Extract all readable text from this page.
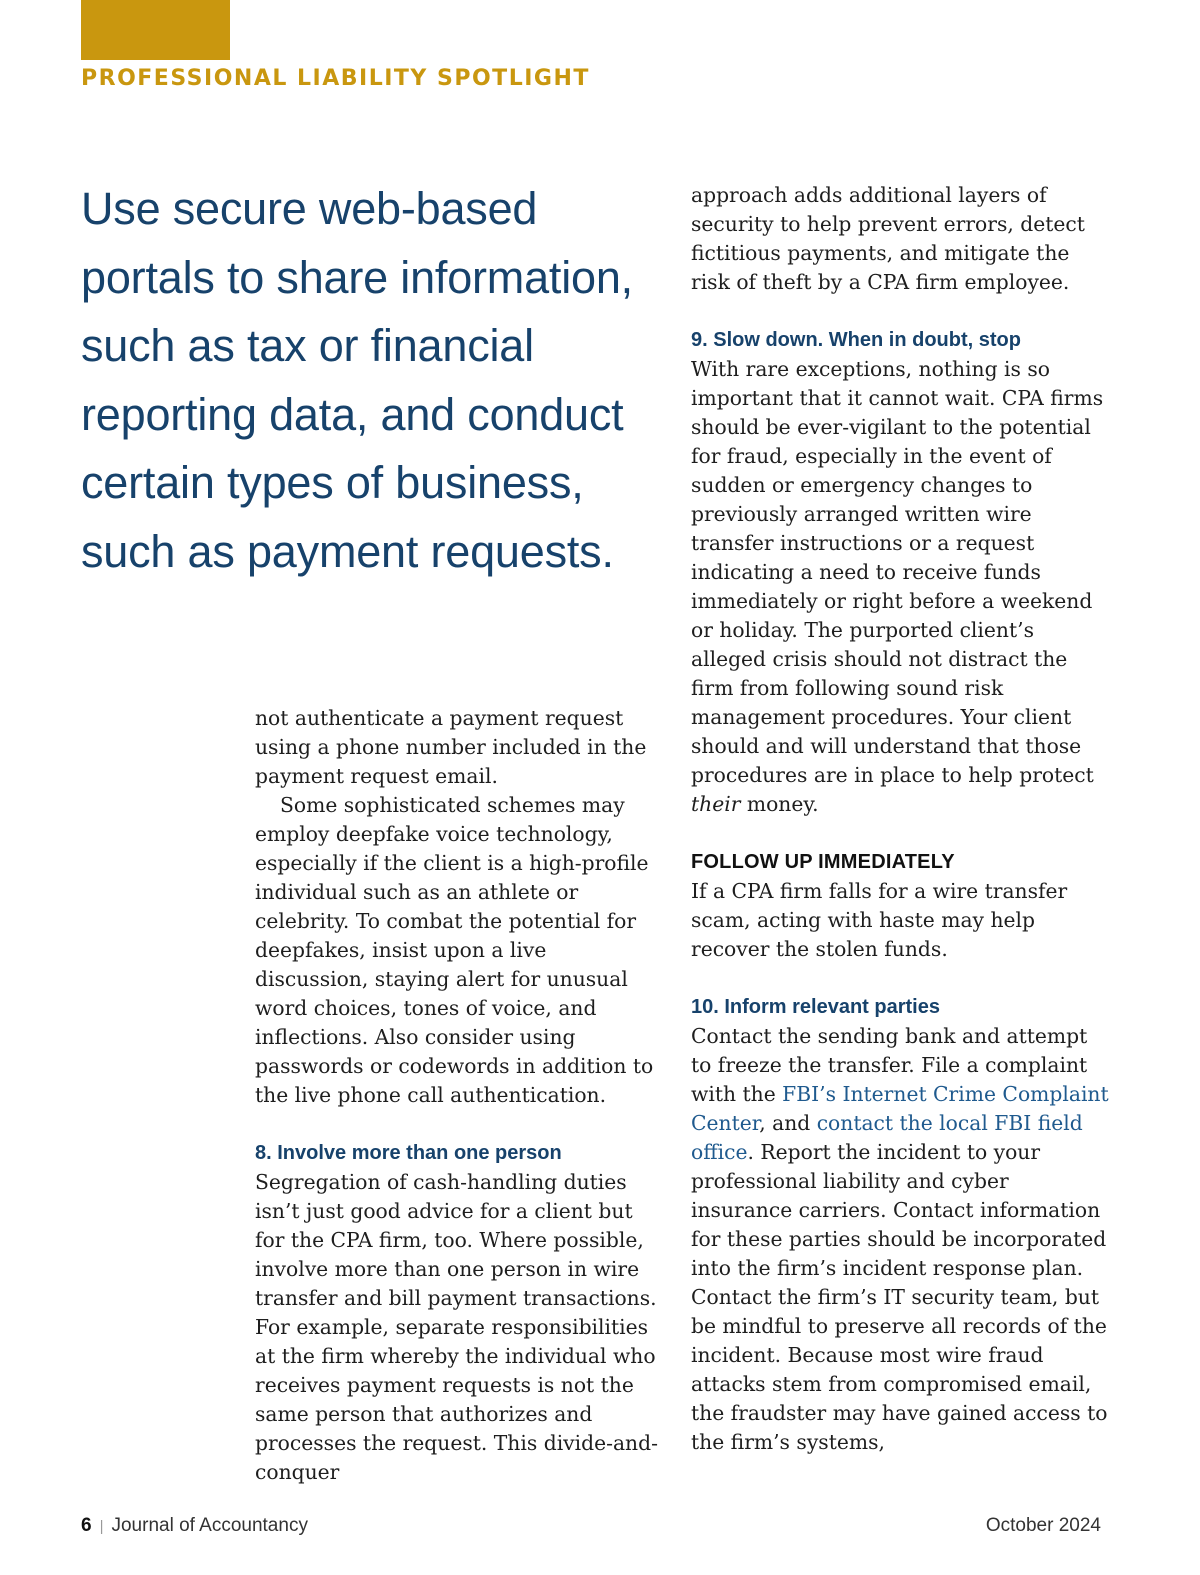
PROFESSIONAL LIABILITY SPOTLIGHT

Use secure web-based portals to share information, such as tax or financial reporting data, and conduct certain types of business, such as payment requests.

not authenticate a payment request using a phone number included in the payment request email.

Some sophisticated schemes may employ deepfake voice technology, especially if the client is a high-profile individual such as an athlete or celebrity. To combat the potential for deepfakes, insist upon a live discussion, staying alert for unusual word choices, tones of voice, and inflections. Also consider using passwords or codewords in addition to the live phone call authentication.

8. Involve more than one person

Segregation of cash-handling duties isn’t just good advice for a client but for the CPA firm, too. Where possible, involve more than one person in wire transfer and bill payment transactions. For example, separate responsibilities at the firm whereby the individual who receives payment requests is not the same person that authorizes and processes the request. This divide-and-conquer

approach adds additional layers of security to help prevent errors, detect fictitious payments, and mitigate the risk of theft by a CPA firm employee.

9. Slow down. When in doubt, stop

With rare exceptions, nothing is so important that it cannot wait. CPA firms should be ever-vigilant to the potential for fraud, especially in the event of sudden or emergency changes to previously arranged written wire transfer instructions or a request indicating a need to receive funds immediately or right before a weekend or holiday. The purported client’s alleged crisis should not distract the firm from following sound risk management procedures. Your client should and will understand that those procedures are in place to help protect their money.

FOLLOW UP IMMEDIATELY

If a CPA firm falls for a wire transfer scam, acting with haste may help recover the stolen funds.

10. Inform relevant parties

Contact the sending bank and attempt to freeze the transfer. File a complaint with the FBI’s Internet Crime Complaint Center, and contact the local FBI field office. Report the incident to your professional liability and cyber insurance carriers. Contact information for these parties should be incorporated into the firm’s incident response plan. Contact the firm’s IT security team, but be mindful to preserve all records of the incident. Because most wire fraud attacks stem from compromised email, the fraudster may have gained access to the firm’s systems,

6 | Journal of Accountancy	October 2024
